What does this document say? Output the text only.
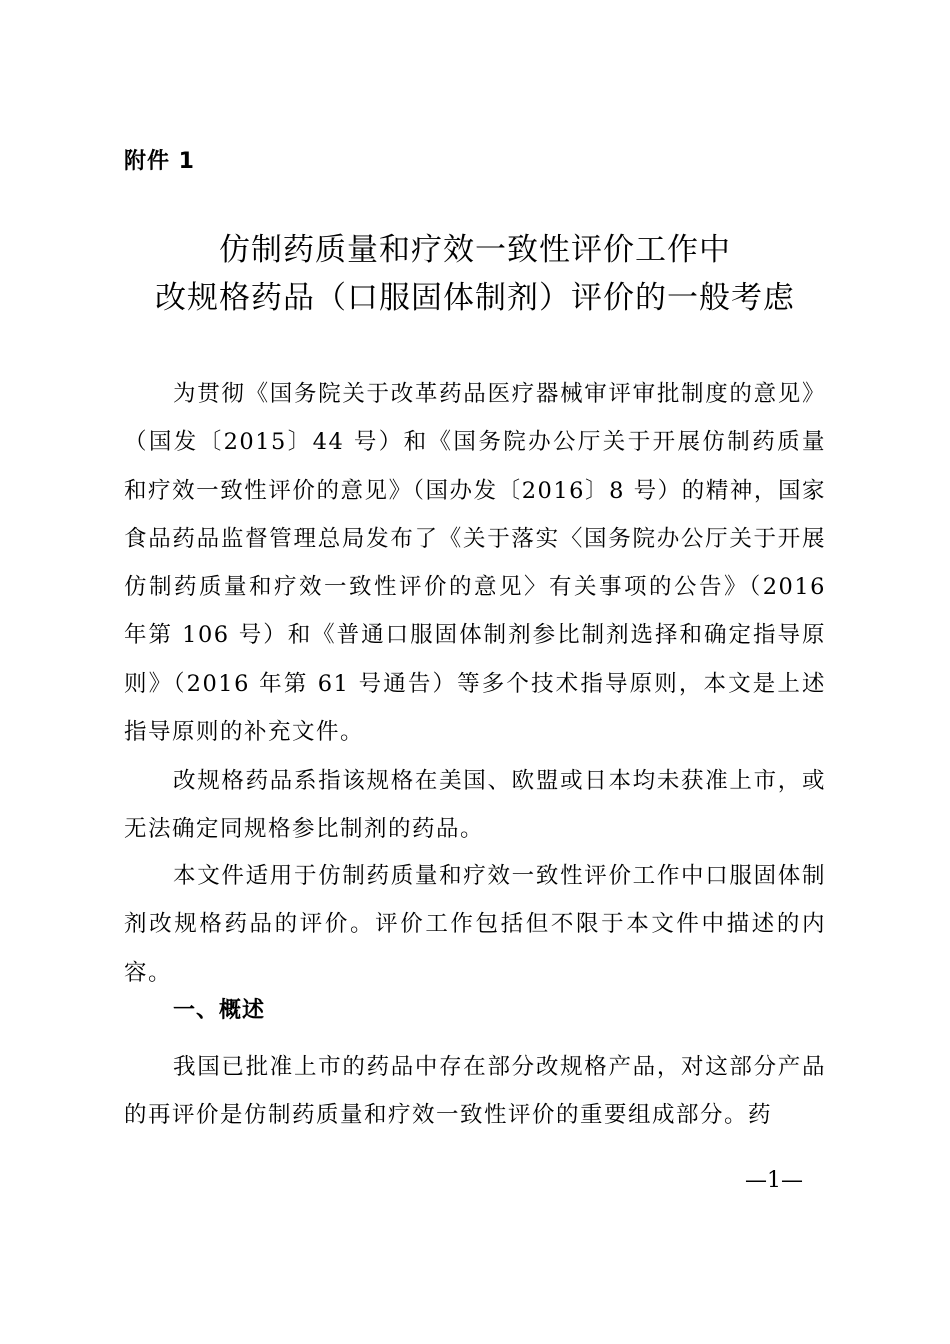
附件 1
仿制药质量和疗效一致性评价工作中
改规格药品（口服固体制剂）评价的一般考虑

为贯彻《国务院关于改革药品医疗器械审评审批制度的意见》（国发〔2015〕44 号）和《国务院办公厅关于开展仿制药质量和疗效一致性评价的意见》（国办发〔2016〕8 号）的精神，国家食品药品监督管理总局发布了《关于落实〈国务院办公厅关于开展仿制药质量和疗效一致性评价的意见〉有关事项的公告》（2016 年第 106 号）和《普通口服固体制剂参比制剂选择和确定指导原则》（2016 年第 61 号通告）等多个技术指导原则，本文是上述指导原则的补充文件。

改规格药品系指该规格在美国、欧盟或日本均未获准上市，或无法确定同规格参比制剂的药品。

本文件适用于仿制药质量和疗效一致性评价工作中口服固体制剂改规格药品的评价。评价工作包括但不限于本文件中描述的内容。

一、概述

我国已批准上市的药品中存在部分改规格产品，对这部分产品的再评价是仿制药质量和疗效一致性评价的重要组成部分。药

—1—
